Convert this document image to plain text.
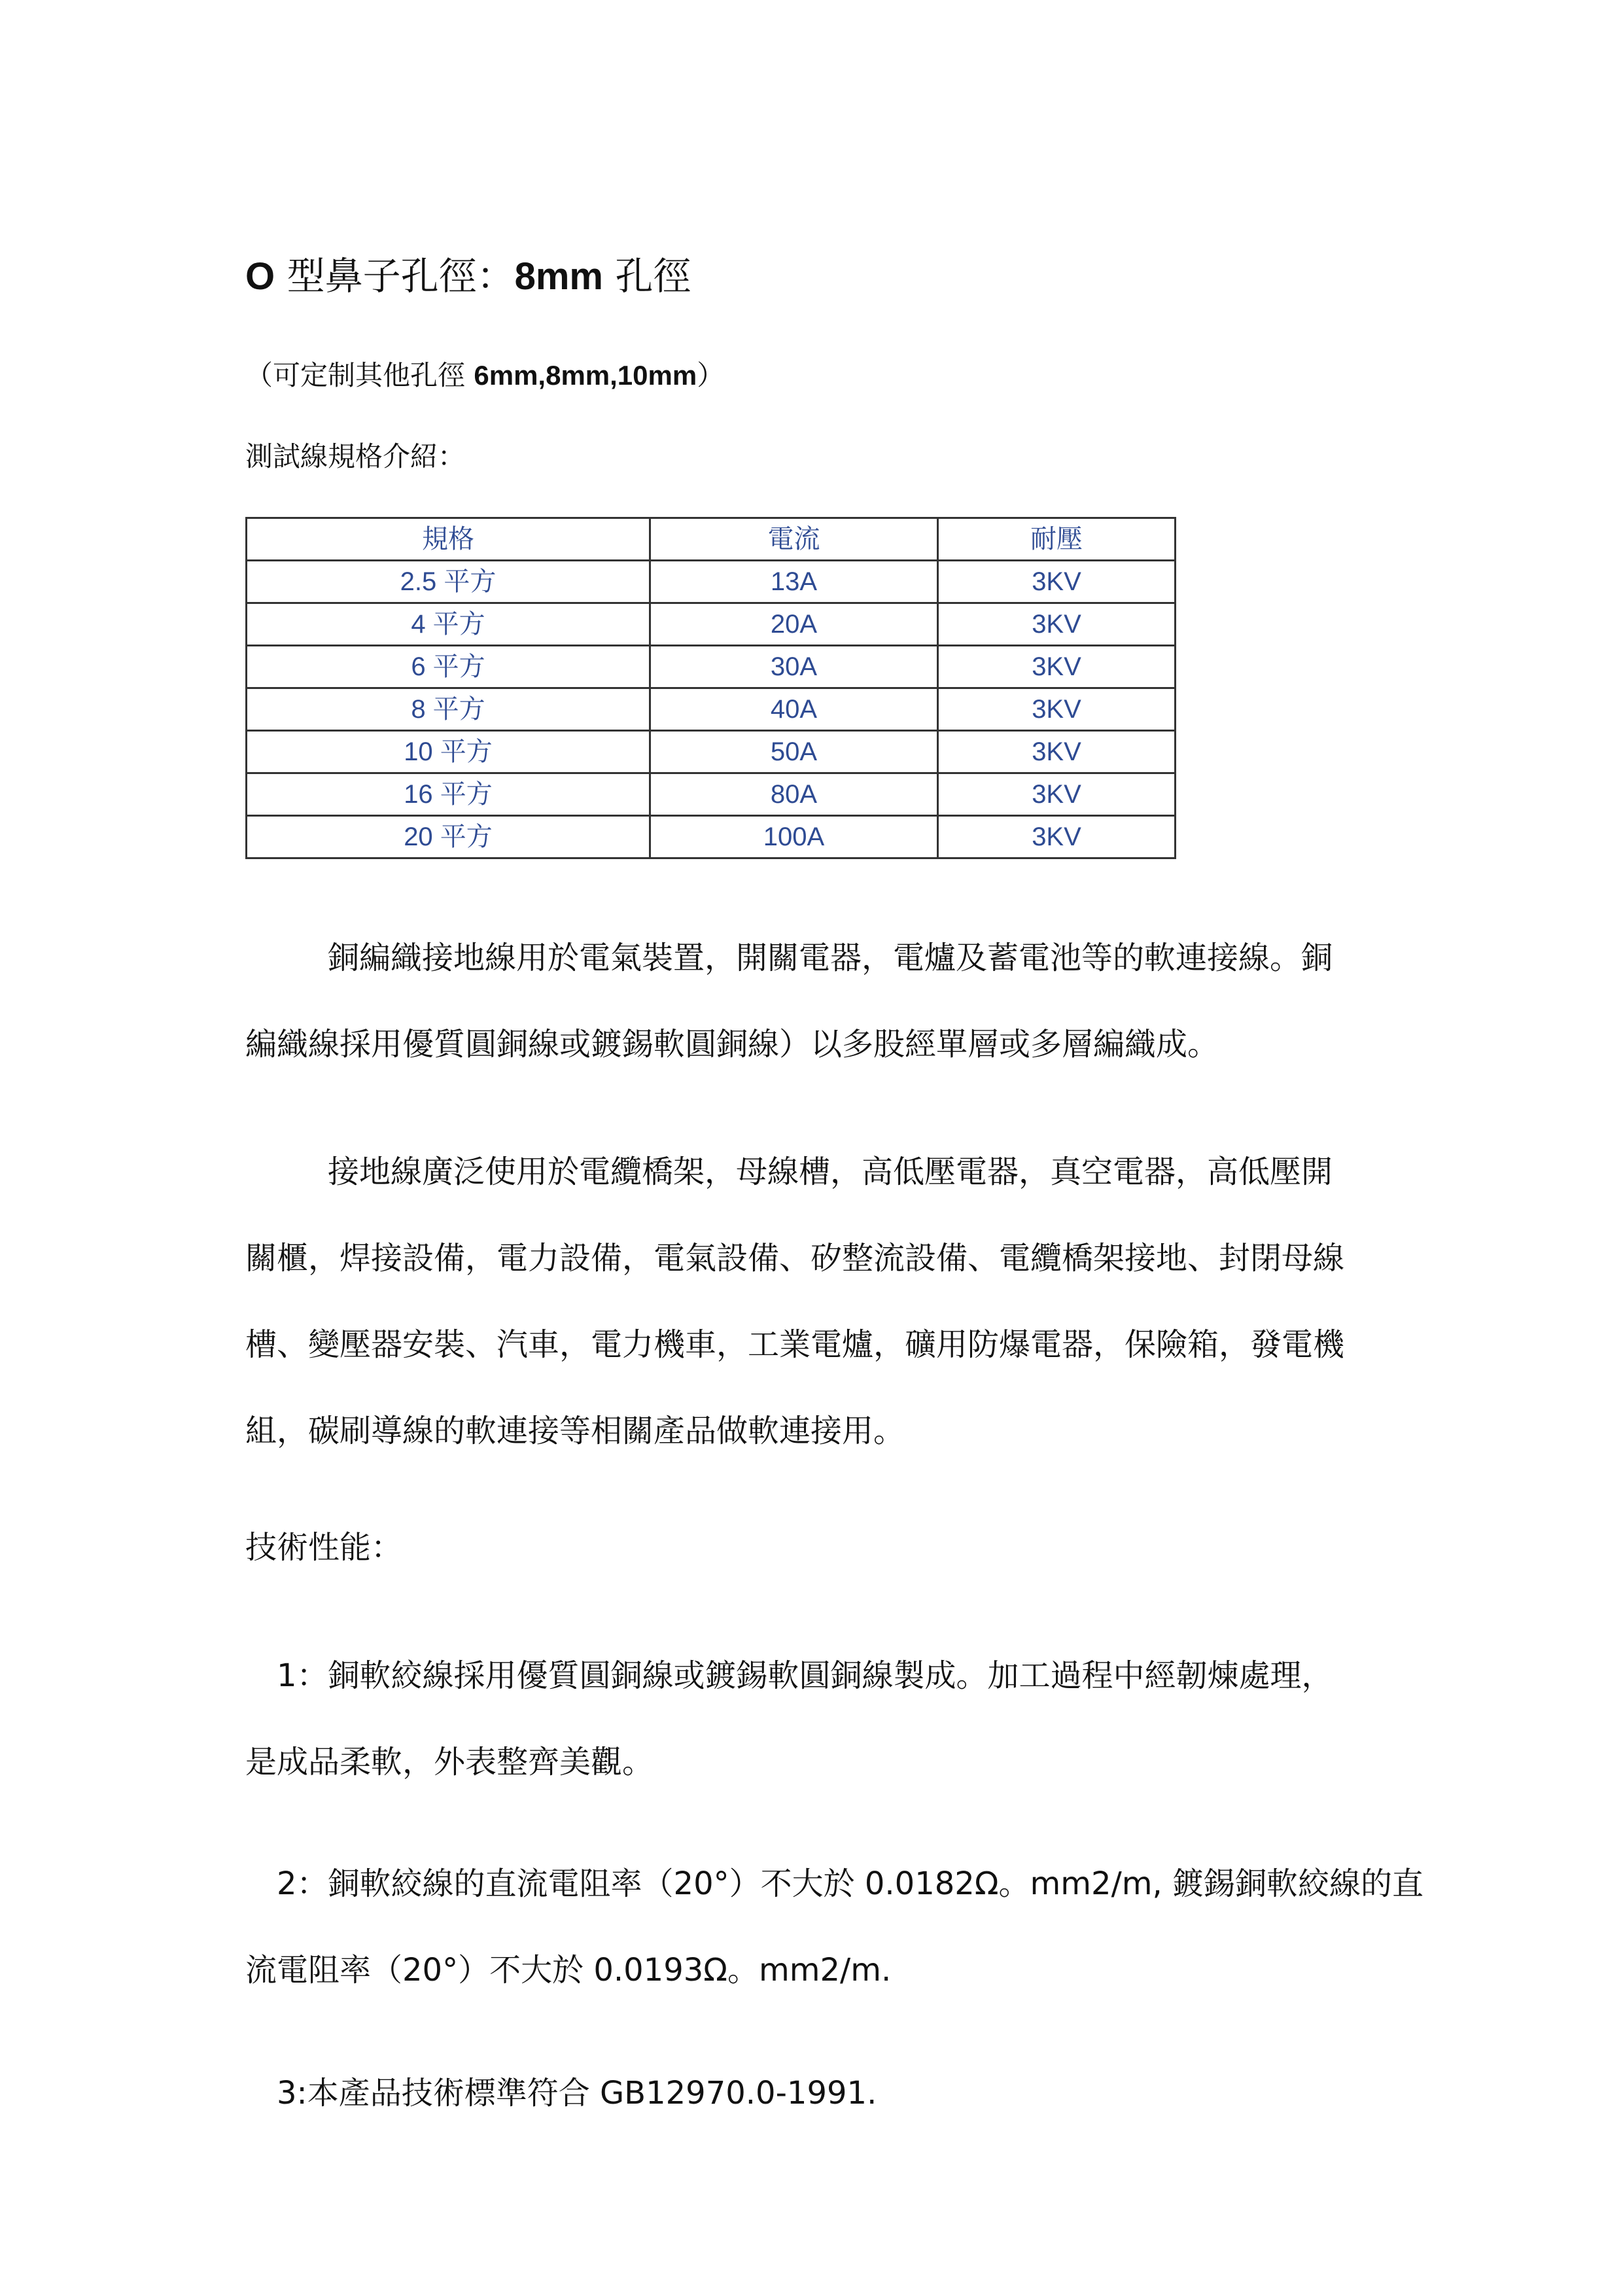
O 型鼻子孔徑：8mm 孔徑
（可定制其他孔徑 6mm,8mm,10mm）
測試線規格介紹：
規格	電流	耐壓
2.5 平方	13A	3KV
4 平方	20A	3KV
6 平方	30A	3KV
8 平方	40A	3KV
10 平方	50A	3KV
16 平方	80A	3KV
20 平方	100A	3KV

銅編織接地線用於電氣裝置，開關電器，電爐及蓄電池等的軟連接線。銅

編織線採用優質圓銅線或鍍錫軟圓銅線）以多股經單層或多層編織成。

接地線廣泛使用於電纜橋架，母線槽，高低壓電器，真空電器，高低壓開

關櫃，焊接設備，電力設備，電氣設備、矽整流設備、電纜橋架接地、封閉母線

槽、變壓器安裝、汽車，電力機車，工業電爐，礦用防爆電器，保險箱，發電機

組，碳刷導線的軟連接等相關產品做軟連接用。

技術性能：

1：銅軟絞線採用優質圓銅線或鍍錫軟圓銅線製成。加工過程中經韌煉處理，

是成品柔軟，外表整齊美觀。

2：銅軟絞線的直流電阻率（20°）不大於 0.0182Ω。mm2/m, 鍍錫銅軟絞線的直

流電阻率（20°）不大於 0.0193Ω。mm2/m.

3:本產品技術標準符合 GB12970.0-1991.
